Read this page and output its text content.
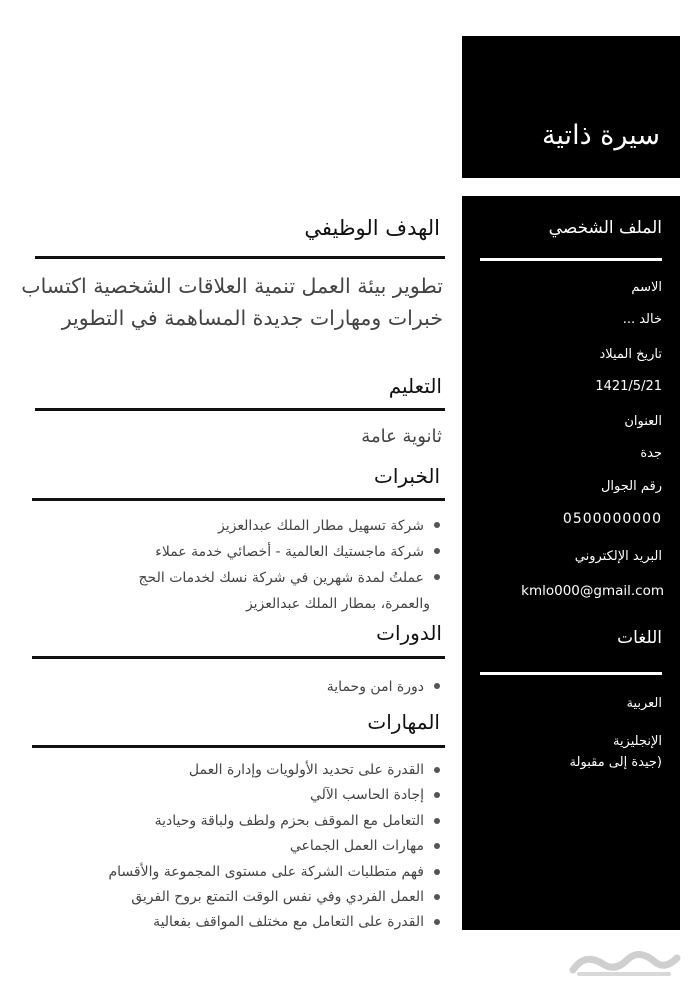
سيرة ذاتية
الملف الشخصي
الاسم
خالد ...
تاريخ الميلاد
1421/5/21
العنوان
جدة
رقم الجوال
0500000000
البريد الإلكتروني
kmlo000@gmail.com
اللغات
العربية
الإنجليزية
(جيدة إلى مقبولة
الهدف الوظيفي
تطوير بيئة العمل تنمية العلاقات الشخصية اكتساب خبرات ومهارات جديدة المساهمة في التطوير
التعليم
ثانوية عامة
الخبرات
شركة تسهيل مطار الملك عبدالعزيز
شركة ماجستيك العالمية - أخصائي خدمة عملاء
عملتُ لمدة شهرين في شركة نسك لخدمات الحج
والعمرة، بمطار الملك عبدالعزيز
الدورات
دورة امن وحماية
المهارات
القدرة على تحديد الأولويات وإدارة العمل
إجادة الحاسب الآلي
التعامل مع الموقف بحزم ولطف ولباقة وحيادية
مهارات العمل الجماعي
فهم متطلبات الشركة على مستوى المجموعة والأقسام
العمل الفردي وفي نفس الوقت التمتع بروح الفريق
القدرة على التعامل مع مختلف المواقف بفعالية
